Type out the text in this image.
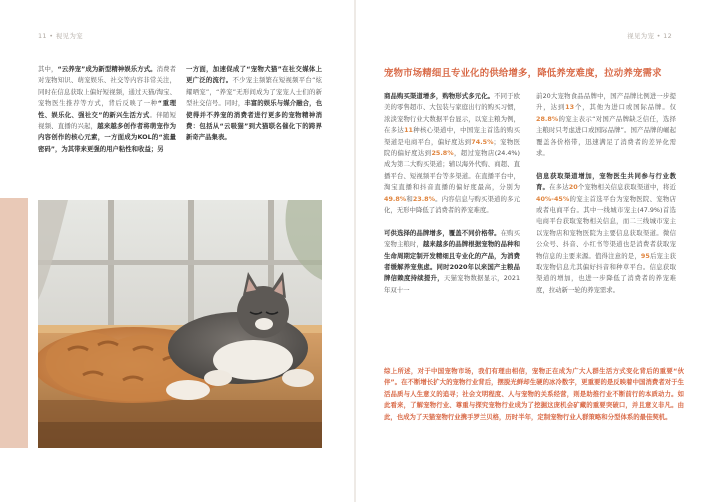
11 • 视见为宠

其中，“云养宠”成为新型精神娱乐方式。消费者对宠物知识、萌宠娱乐、社交等内容非常关注，同时在信息获取上偏好短视频，通过天猫/淘宝、宠物医生推荐等方式，背后反映了一种“重理性、娱乐化、强社交”的新兴生活方式。伴随短视频、直播的兴起，越来越多创作者将萌宠作为内容创作的核心元素，一方面成为KOL的“流量密码”，为其带来更强的用户粘性和收益；另

一方面，加速促成了“宠物犬猫”在社交媒体上更广泛的流行。不少宠主频繁在短视频平台“炫耀晒宠”，“养宠”无形间成为了宠宠人士们的新型社交信号。同时，丰富的娱乐与媒介融合，也使得并不养宠的消费者进行更多的宠物精神消费：包括从“云吸猫”到犬猫联名催化下的跨界新奇产品集表。

视见为宠 • 12
宠物市场精细且专业化的供给增多，降低养宠难度，拉动养宠需求

商品购买渠道增多，购物形式多元化。不同于欧美的零售超市、大包装与家庭出行的购买习惯，浓淡宠物行业大数据平台显示，以宠主粮为例，在多达11种核心渠道中，中国宠主首选的购买渠道是电商平台，偏好度达到74.5%；宠物医院的偏好度达到25.8%，超过宠物店(24.4%)成为第二大购买渠道；辅以海外代购、商超、直播平台、短视频平台等多渠道。在直播平台中，淘宝直播和抖音直播的偏好度最高，分别为49.8%和23.8%。内容信息与购买渠道的多元化，无形中降低了消费者的养宠难度。

可供选择的品牌增多，覆盖不同价格带。在购买宠物主粮时，越来越多的品牌根据宠物的品种和生命周期定制开发精细且专业化的产品，为消费者缓解养宠焦虑。同时2020年以来国产主粮品牌信赖度持续提升，天猫宠物数据显示，2021年双十一

前20大宠物食品品牌中，国产品牌比例进一步提升，达到13个，其他为进口或国际品牌。仅28.8%的宠主表示“对国产品牌缺乏信任，选择主粮时只考虑进口或国际品牌”。国产品牌的崛起覆盖各价格带，迅速满足了消费者的差异化需求。

信息获取渠道增加，宠物医生共同参与行业教育。在多达20个宠物相关信息获取渠道中，将近40%-45%的宠主首选平台为宠物医院、宠物店或者电商平台。其中一线城市宠主(47.9%)首选电商平台获取宠物相关信息，而二三线城市宠主以宠物店和宠物医院为主要信息获取渠道。微信公众号、抖音、小红书等渠道也是消费者获取宠物信息的主要来源。值得注意的是，95后宠主获取宠物信息尤其偏好抖音和种草平台。信息获取渠道的增加，也进一步降低了消费者的养宠难度，拉动新一轮的养宠需求。

综上所述，对于中国宠物市场，我们有理由相信，宠物正在成为广大人群生活方式变化背后的重要“伙伴”。在不断增长扩大的宠物行业背后，摆脱光鲜却生硬的冰冷数字，更重要的是反映着中国消费者对于生活品质与人生意义的追寻；社会文明程度、人与宠物的关系经营，则是助推行业不断前行的本质动力。如此看来，了解宠物行业、尊重与探究宠物行业成为了挖掘这庞机会矿藏的重要突破口，并且意义非凡。由此，也成为了天猫宠物行业携手罗兰贝格，历时半年，定制宠物行业人群策略和分型体系的最佳契机。
